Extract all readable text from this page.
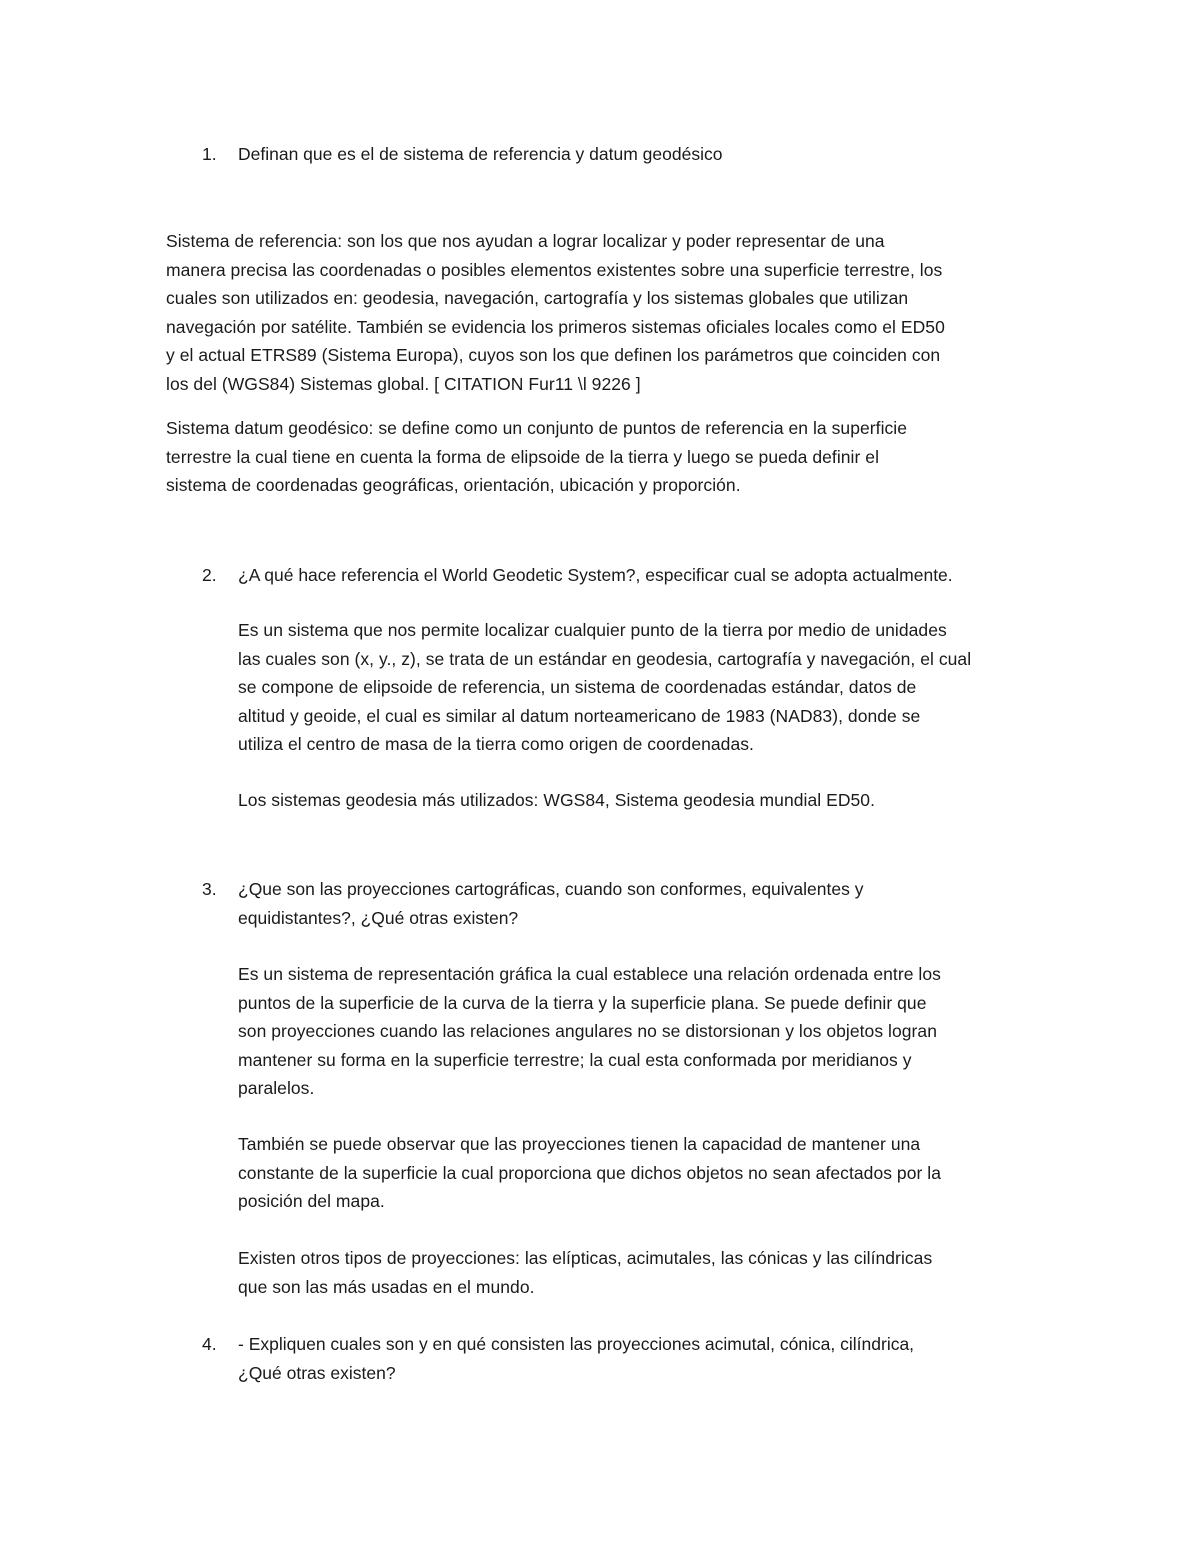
1. Definan que es el de sistema de referencia y datum geodésico
Sistema de referencia: son los que nos ayudan a lograr localizar y poder representar de una
manera precisa las coordenadas o posibles elementos existentes sobre una superficie terrestre, los
cuales son utilizados en: geodesia, navegación, cartografía y los sistemas globales que utilizan
navegación por satélite. También se evidencia los primeros sistemas oficiales locales como el ED50
y el actual ETRS89 (Sistema Europa), cuyos son los que definen los parámetros que coinciden con
los del (WGS84) Sistemas global. [ CITATION Fur11 \l 9226 ]
Sistema datum geodésico: se define como un conjunto de puntos de referencia en la superficie
terrestre la cual tiene en cuenta la forma de elipsoide de la tierra y luego se pueda definir el
sistema de coordenadas geográficas, orientación, ubicación y proporción.
2. ¿A qué hace referencia el World Geodetic System?, especificar cual se adopta actualmente.
Es un sistema que nos permite localizar cualquier punto de la tierra por medio de unidades
las cuales son (x, y., z), se trata de un estándar en geodesia, cartografía y navegación, el cual
se compone de elipsoide de referencia, un sistema de coordenadas estándar, datos de
altitud y geoide, el cual es similar al datum norteamericano de 1983 (NAD83), donde se
utiliza el centro de masa de la tierra como origen de coordenadas.
Los sistemas geodesia más utilizados: WGS84, Sistema geodesia mundial ED50.
3. ¿Que son las proyecciones cartográficas, cuando son conformes, equivalentes y
equidistantes?, ¿Qué otras existen?
Es un sistema de representación gráfica la cual establece una relación ordenada entre los
puntos de la superficie de la curva de la tierra y la superficie plana. Se puede definir que
son proyecciones cuando las relaciones angulares no se distorsionan y los objetos logran
mantener su forma en la superficie terrestre; la cual esta conformada por meridianos y
paralelos.
También se puede observar que las proyecciones tienen la capacidad de mantener una
constante de la superficie la cual proporciona que dichos objetos no sean afectados por la
posición del mapa.
Existen otros tipos de proyecciones: las elípticas, acimutales, las cónicas y las cilíndricas
que son las más usadas en el mundo.
4. - Expliquen cuales son y en qué consisten las proyecciones acimutal, cónica, cilíndrica,
¿Qué otras existen?
